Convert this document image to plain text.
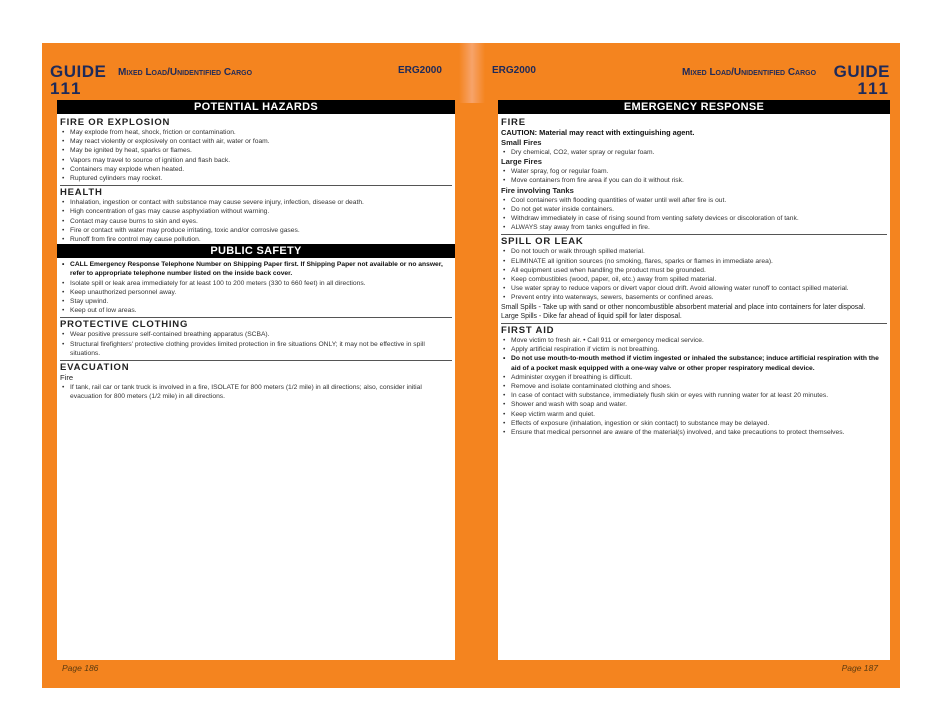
GUIDE
111
Mixed Load/Unidentified Cargo	ERG2000
POTENTIAL HAZARDS
FIRE OR EXPLOSION
• May explode from heat, shock, friction or contamination.
• May react violently or explosively on contact with air, water or foam.
• May be ignited by heat, sparks or flames.
• Vapors may travel to source of ignition and flash back.
• Containers may explode when heated.
• Ruptured cylinders may rocket.
HEALTH
• Inhalation, ingestion or contact with substance may cause severe injury, infection, disease or death.
• High concentration of gas may cause asphyxiation without warning.
• Contact may cause burns to skin and eyes.
• Fire or contact with water may produce irritating, toxic and/or corrosive gases.
• Runoff from fire control may cause pollution.
PUBLIC SAFETY
• CALL Emergency Response Telephone Number on Shipping Paper first. If Shipping Paper not available or no answer, refer to appropriate telephone number listed on the inside back cover.
• Isolate spill or leak area immediately for at least 100 to 200 meters (330 to 660 feet) in all directions.
• Keep unauthorized personnel away.
• Stay upwind.
• Keep out of low areas.
PROTECTIVE CLOTHING
• Wear positive pressure self-contained breathing apparatus (SCBA).
• Structural firefighters' protective clothing provides limited protection in fire situations ONLY; it may not be effective in spill situations.
EVACUATION
Fire
• If tank, rail car or tank truck is involved in a fire, ISOLATE for 800 meters (1/2 mile) in all directions; also, consider initial evacuation for 800 meters (1/2 mile) in all directions.
Page 186
ERG2000	Mixed Load/Unidentified Cargo GUIDE
111
EMERGENCY RESPONSE
FIRE
CAUTION: Material may react with extinguishing agent.
Small Fires
• Dry chemical, CO2, water spray or regular foam.
Large Fires
• Water spray, fog or regular foam.
• Move containers from fire area if you can do it without risk.
Fire involving Tanks
• Cool containers with flooding quantities of water until well after fire is out.
• Do not get water inside containers.
• Withdraw immediately in case of rising sound from venting safety devices or discoloration of tank.
• ALWAYS stay away from tanks engulfed in fire.
SPILL OR LEAK
• Do not touch or walk through spilled material.
• ELIMINATE all ignition sources (no smoking, flares, sparks or flames in immediate area).
• All equipment used when handling the product must be grounded.
• Keep combustibles (wood, paper, oil, etc.) away from spilled material.
• Use water spray to reduce vapors or divert vapor cloud drift. Avoid allowing water runoff to contact spilled material.
• Prevent entry into waterways, sewers, basements or confined areas.
Small Spills - Take up with sand or other noncombustible absorbent material and place into containers for later disposal.
Large Spills - Dike far ahead of liquid spill for later disposal.
FIRST AID
• Move victim to fresh air. • Call 911 or emergency medical service.
• Apply artificial respiration if victim is not breathing.
• Do not use mouth-to-mouth method if victim ingested or inhaled the substance; induce artificial respiration with the aid of a pocket mask equipped with a one-way valve or other proper respiratory medical device.
• Administer oxygen if breathing is difficult.
• Remove and isolate contaminated clothing and shoes.
• In case of contact with substance, immediately flush skin or eyes with running water for at least 20 minutes.
• Shower and wash with soap and water.
• Keep victim warm and quiet.
• Effects of exposure (inhalation, ingestion or skin contact) to substance may be delayed.
• Ensure that medical personnel are aware of the material(s) involved, and take precautions to protect themselves.
Page 187
